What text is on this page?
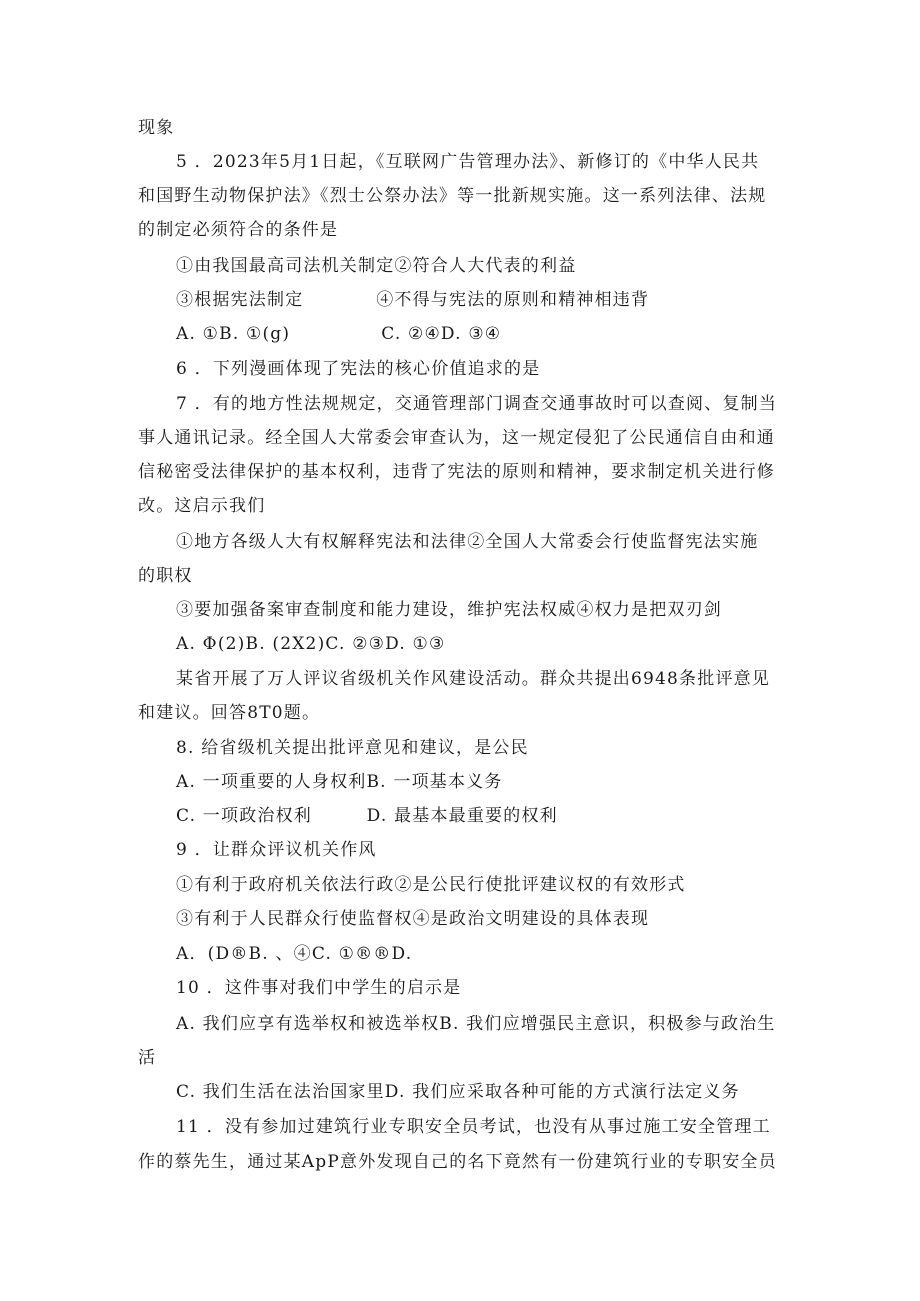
现象
5 ．2023年5月1日起，《互联网广告管理办法》、新修订的《中华人民共
和国野生动物保护法》《烈士公祭办法》等一批新规实施。这一系列法律、法规
的制定必须符合的条件是
①由我国最高司法机关制定②符合人大代表的利益
③根据宪法制定　　　　④不得与宪法的原则和精神相违背
A. ①B. ①(g)　　　　　C. ②④D. ③④
6 ．下列漫画体现了宪法的核心价值追求的是
7 ．有的地方性法规规定，交通管理部门调查交通事故时可以查阅、复制当
事人通讯记录。经全国人大常委会审查认为，这一规定侵犯了公民通信自由和通
信秘密受法律保护的基本权利，违背了宪法的原则和精神，要求制定机关进行修
改。这启示我们
①地方各级人大有权解释宪法和法律②全国人大常委会行使监督宪法实施
的职权
③要加强备案审查制度和能力建设，维护宪法权威④权力是把双刃剑
A. Φ(2)B. (2X2)C. ②③D. ①③
某省开展了万人评议省级机关作风建设活动。群众共提出6948条批评意见
和建议。回答8T0题。
8. 给省级机关提出批评意见和建议，是公民
A. 一项重要的人身权利B. 一项基本义务
C. 一项政治权利　　　D. 最基本最重要的权利
9 ．让群众评议机关作风
①有利于政府机关依法行政②是公民行使批评建议权的有效形式
③有利于人民群众行使监督权④是政治文明建设的具体表现
A．(D®B. 、④C. ①®®D.
10 ．这件事对我们中学生的启示是
A. 我们应享有选举权和被选举权B. 我们应增强民主意识，积极参与政治生
活
C. 我们生活在法治国家里D. 我们应采取各种可能的方式演行法定义务
11 ．没有参加过建筑行业专职安全员考试，也没有从事过施工安全管理工
作的蔡先生，通过某ApP意外发现自己的名下竟然有一份建筑行业的专职安全员
